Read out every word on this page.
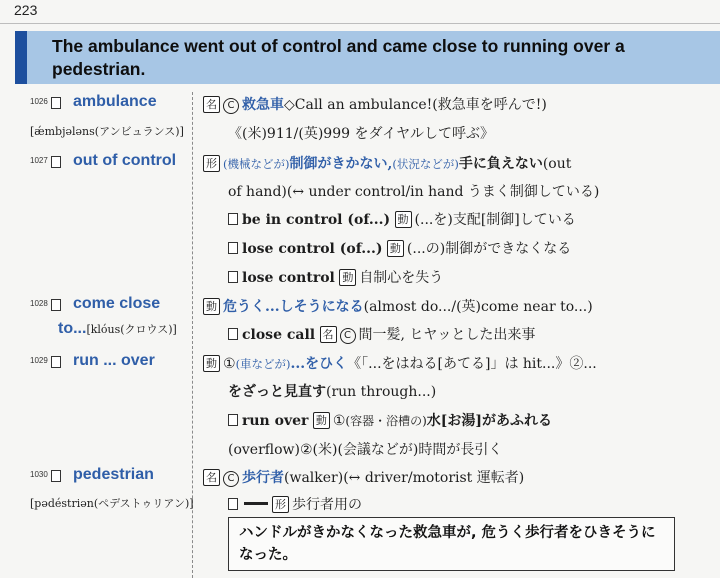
223
The ambulance went out of control and came close to running over a pedestrian.
1026 ambulance
[ǽmbjələns(アンビュランス)]
名 C 救急車◇Call an ambulance!(救急車を呼んで!)
《(米)911/(英)999 をダイヤルして呼ぶ》
1027 out of control	形 (機械などが)制御がきかない,(状況などが)手に負えない(out
of hand)(↔ under control/in hand うまく制御している)
be in control (of...) 動 (...を)支配[制御]している
lose control (of...) 動 (...の)制御ができなくなる
lose control 動 自制心を失う
1028 come close
to...[klóus(クロウス)]
動 危うく...しそうになる(almost do.../(英)come near to...)
close call 名 C 間一髪, ヒヤッとした出来事
1029 run ... over	動 ①(車などが)...をひく《「...をはねる[あてる]」は hit...》②...
をざっと見直す(run through...)
run over 動 ①(容器・浴槽の)水[お湯]があふれる
(overflow)②(米)(会議などが)時間が長引く
1030 pedestrian
[pədéstriən(ペデストゥリアン)]
名 C 歩行者(walker)(↔ driver/motorist 運転者)
形 歩行者用の
ハンドルがきかなくなった救急車が, 危うく歩行者をひきそうになった。
